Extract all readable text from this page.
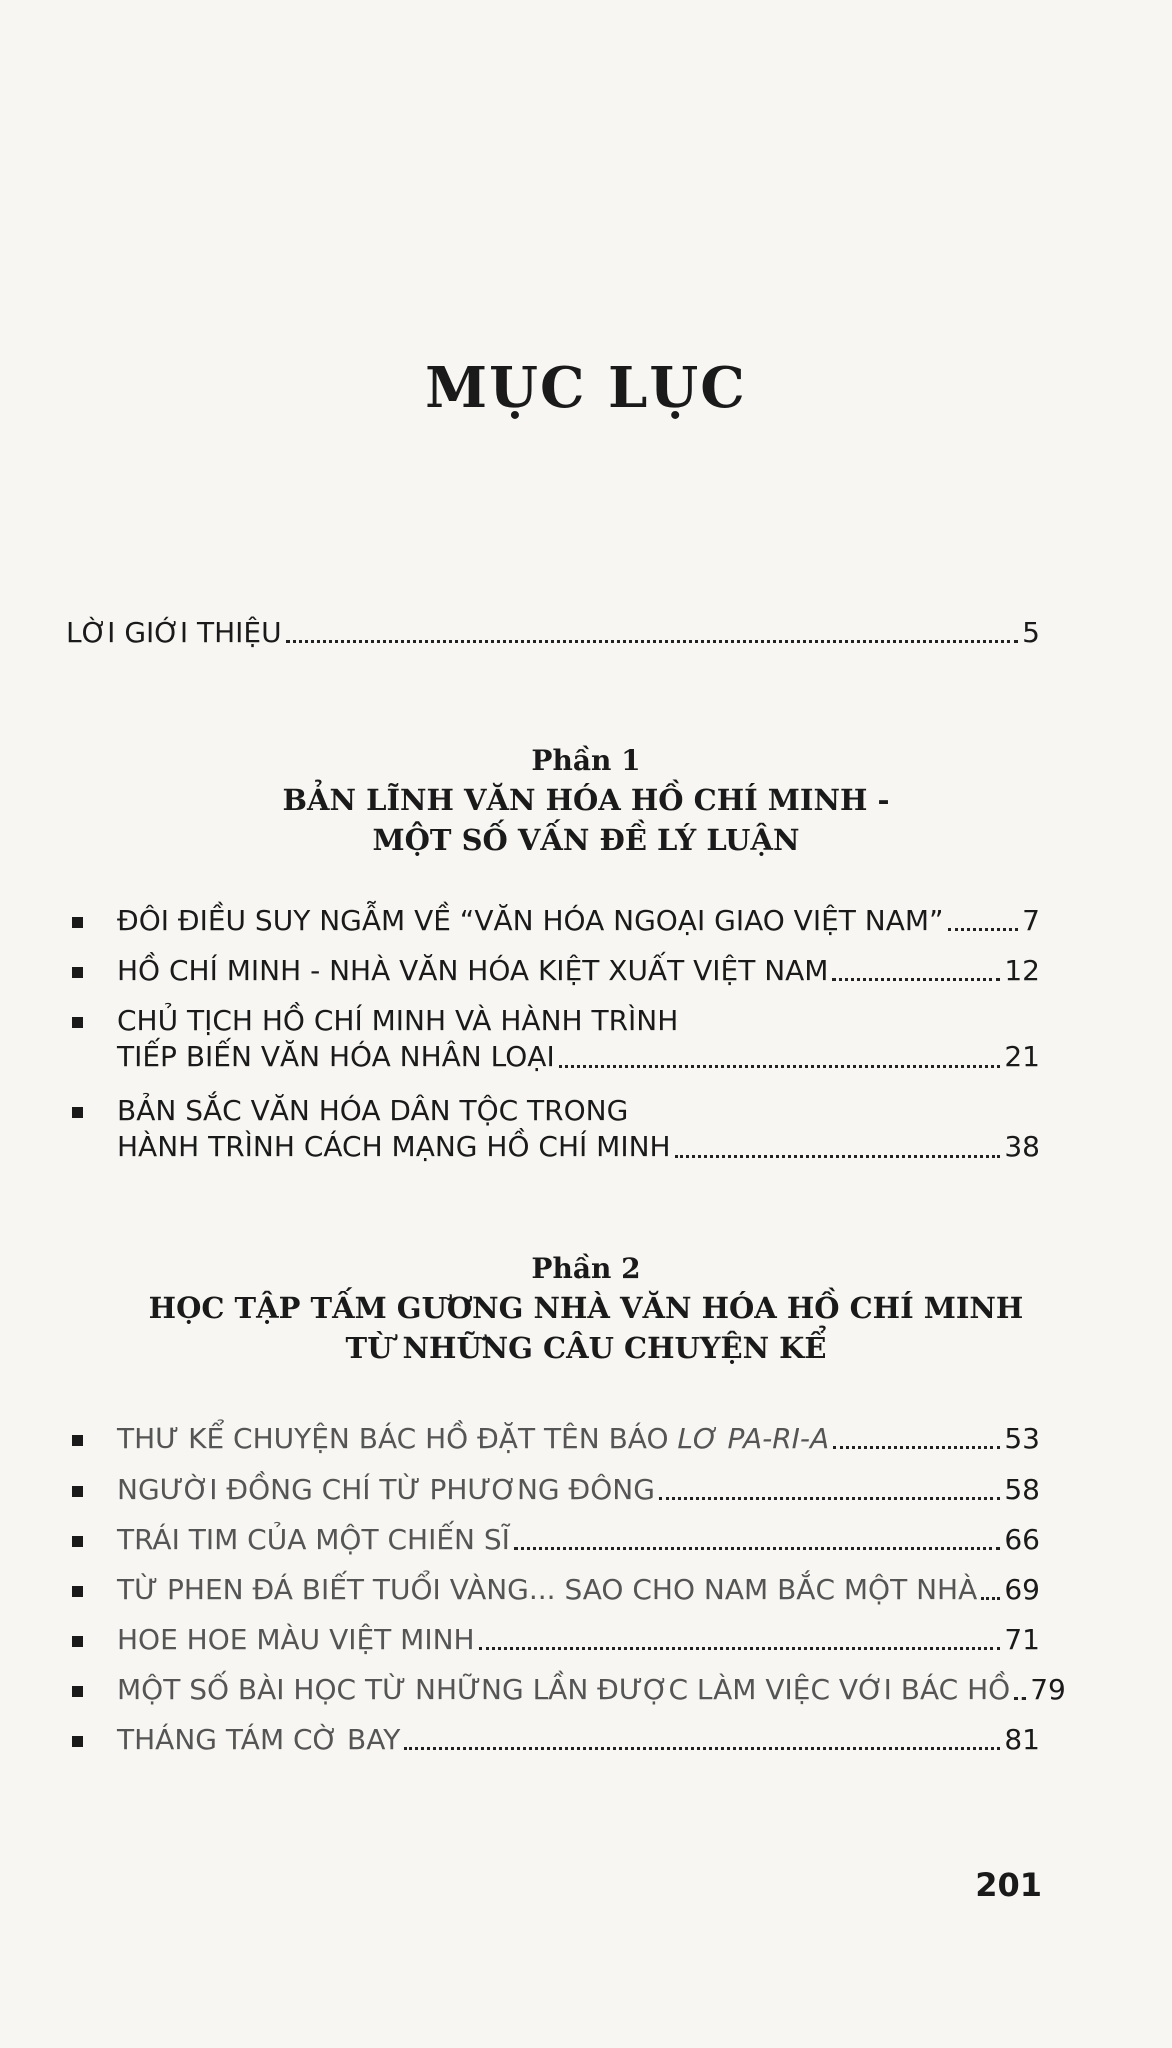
MỤC LỤC
LỜI GIỚI THIỆU	5
Phần 1
BẢN LĨNH VĂN HÓA HỒ CHÍ MINH -
MỘT SỐ VẤN ĐỀ LÝ LUẬN
ĐÔI ĐIỀU SUY NGẪM VỀ “VĂN HÓA NGOẠI GIAO VIỆT NAM”	7
HỒ CHÍ MINH - NHÀ VĂN HÓA KIỆT XUẤT VIỆT NAM	12
CHỦ TỊCH HỒ CHÍ MINH VÀ HÀNH TRÌNH
TIẾP BIẾN VĂN HÓA NHÂN LOẠI	21
BẢN SẮC VĂN HÓA DÂN TỘC TRONG
HÀNH TRÌNH CÁCH MẠNG HỒ CHÍ MINH	38
Phần 2
HỌC TẬP TẤM GƯƠNG NHÀ VĂN HÓA HỒ CHÍ MINH
TỪ NHỮNG CÂU CHUYỆN KỂ
THƯ KỂ CHUYỆN BÁC HỒ ĐẶT TÊN BÁO LƠ PA-RI-A	53
NGƯỜI ĐỒNG CHÍ TỪ PHƯƠNG ĐÔNG	58
TRÁI TIM CỦA MỘT CHIẾN SĨ	66
TỪ PHEN ĐÁ BIẾT TUỔI VÀNG... SAO CHO NAM BẮC MỘT NHÀ 69
HOE HOE MÀU VIỆT MINH	71
MỘT SỐ BÀI HỌC TỪ NHỮNG LẦN ĐƯỢC LÀM VIỆC VỚI BÁC HỒ 79
THÁNG TÁM CỜ BAY	81
201
